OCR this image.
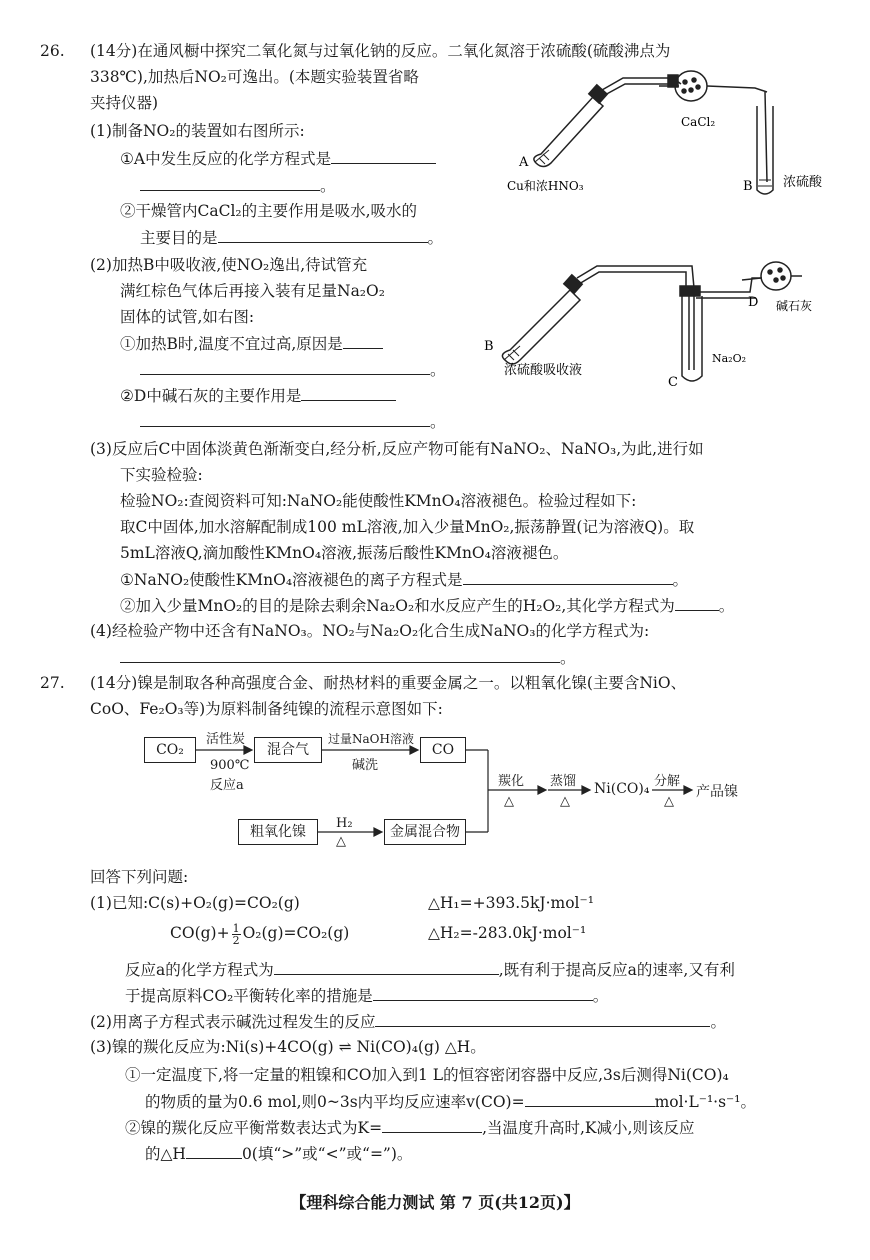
26. (14分)在通风橱中探究二氧化氮与过氧化钠的反应。二氧化氮溶于浓硫酸(硫酸沸点为
338℃),加热后NO₂可逸出。(本题实验装置省略
夹持仪器)
(1)制备NO₂的装置如右图所示:
①A中发生反应的化学方程式是
。
②干燥管内CaCl₂的主要作用是吸水,吸水的
主要目的是	。
(2)加热B中吸收液,使NO₂逸出,待试管充
满红棕色气体后再接入装有足量Na₂O₂
固体的试管,如右图:
①加热B时,温度不宜过高,原因是
。
②D中碱石灰的主要作用是
。
(3)反应后C中固体淡黄色渐渐变白,经分析,反应产物可能有NaNO₂、NaNO₃,为此,进行如
下实验检验:
检验NO₂:查阅资料可知:NaNO₂能使酸性KMnO₄溶液褪色。检验过程如下:
取C中固体,加水溶解配制成100 mL溶液,加入少量MnO₂,振荡静置(记为溶液Q)。取
5mL溶液Q,滴加酸性KMnO₄溶液,振荡后酸性KMnO₄溶液褪色。
①NaNO₂使酸性KMnO₄溶液褪色的离子方程式是	。
②加入少量MnO₂的目的是除去剩余Na₂O₂和水反应产生的H₂O₂,其化学方程式为	。
(4)经检验产物中还含有NaNO₃。NO₂与Na₂O₂化合生成NaNO₃的化学方程式为:
。
A
Cu和浓HNO₃
CaCl₂
B 浓硫酸
B
浓硫酸吸收液
C
Na₂O₂
D 碱石灰
27. (14分)镍是制取各种高强度合金、耐热材料的重要金属之一。以粗氧化镍(主要含NiO、
CoO、Fe₂O₃等)为原料制备纯镍的流程示意图如下:
CO₂	混合气	CO
粗氧化镍	金属混合物
活性炭
900℃
反应a
过量NaOH溶液
碱洗
H₂
△
羰化
△
蒸馏
△
Ni(CO)₄ 分解
△
产品镍
回答下列问题:
(1)已知:C(s)+O₂(g)=CO₂(g)	△H₁=+393.5kJ·mol⁻¹
$CO(g)+ \frac{1}{2} O_2(g)=CO_2(g)$	△H₂=-283.0kJ·mol⁻¹
反应a的化学方程式为	,既有利于提高反应a的速率,又有利
于提高原料CO₂平衡转化率的措施是	。
(2)用离子方程式表示碱洗过程发生的反应	。
(3)镍的羰化反应为:Ni(s)+4CO(g) ⇌ Ni(CO)₄(g) △H。
①一定温度下,将一定量的粗镍和CO加入到1 L的恒容密闭容器中反应,3s后测得Ni(CO)₄
的物质的量为0.6 mol,则0~3s内平均反应速率v(CO)=	mol·L⁻¹·s⁻¹。
②镍的羰化反应平衡常数表达式为K=	,当温度升高时,K减小,则该反应
的△H	0(填“>”或“<”或“=”)。
【理科综合能力测试 第 7 页(共12页)】
